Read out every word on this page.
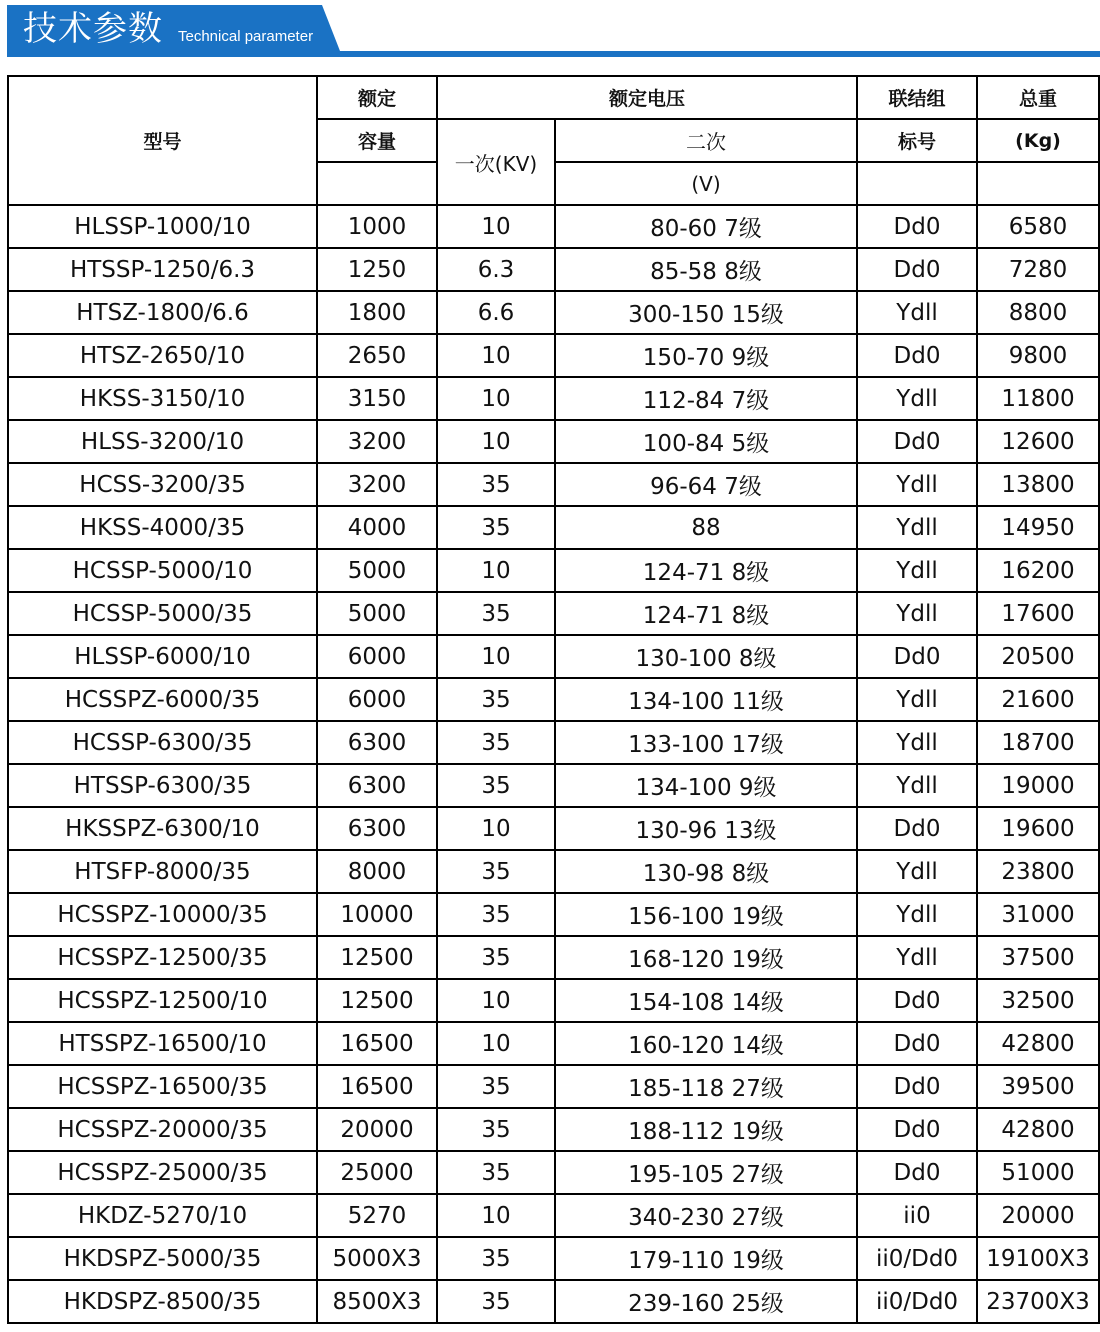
技术参数 Technical parameter
型号	额定	额定电压		联结组	总重
	容量	一次(KV)	二次	标号	(Kg)
			(V)		
HLSSP-1000/10	1000	10	80-60 7级	Dd0	6580
HTSSP-1250/6.3	1250	6.3	85-58 8级	Dd0	7280
HTSZ-1800/6.6	1800	6.6	300-150 15级	Ydll	8800
HTSZ-2650/10	2650	10	150-70 9级	Dd0	9800
HKSS-3150/10	3150	10	112-84 7级	Ydll	11800
HLSS-3200/10	3200	10	100-84 5级	Dd0	12600
HCSS-3200/35	3200	35	96-64 7级	Ydll	13800
HKSS-4000/35	4000	35	88	Ydll	14950
HCSSP-5000/10	5000	10	124-71 8级	Ydll	16200
HCSSP-5000/35	5000	35	124-71 8级	Ydll	17600
HLSSP-6000/10	6000	10	130-100 8级	Dd0	20500
HCSSPZ-6000/35	6000	35	134-100 11级	Ydll	21600
HCSSP-6300/35	6300	35	133-100 17级	Ydll	18700
HTSSP-6300/35	6300	35	134-100 9级	Ydll	19000
HKSSPZ-6300/10	6300	10	130-96 13级	Dd0	19600
HTSFP-8000/35	8000	35	130-98 8级	Ydll	23800
HCSSPZ-10000/35	10000	35	156-100 19级	Ydll	31000
HCSSPZ-12500/35	12500	35	168-120 19级	Ydll	37500
HCSSPZ-12500/10	12500	10	154-108 14级	Dd0	32500
HTSSPZ-16500/10	16500	10	160-120 14级	Dd0	42800
HCSSPZ-16500/35	16500	35	185-118 27级	Dd0	39500
HCSSPZ-20000/35	20000	35	188-112 19级	Dd0	42800
HCSSPZ-25000/35	25000	35	195-105 27级	Dd0	51000
HKDZ-5270/10	5270	10	340-230 27级	ii0	20000
HKDSPZ-5000/35	5000X3	35	179-110 19级	ii0/Dd0	19100X3
HKDSPZ-8500/35	8500X3	35	239-160 25级	ii0/Dd0	23700X3
